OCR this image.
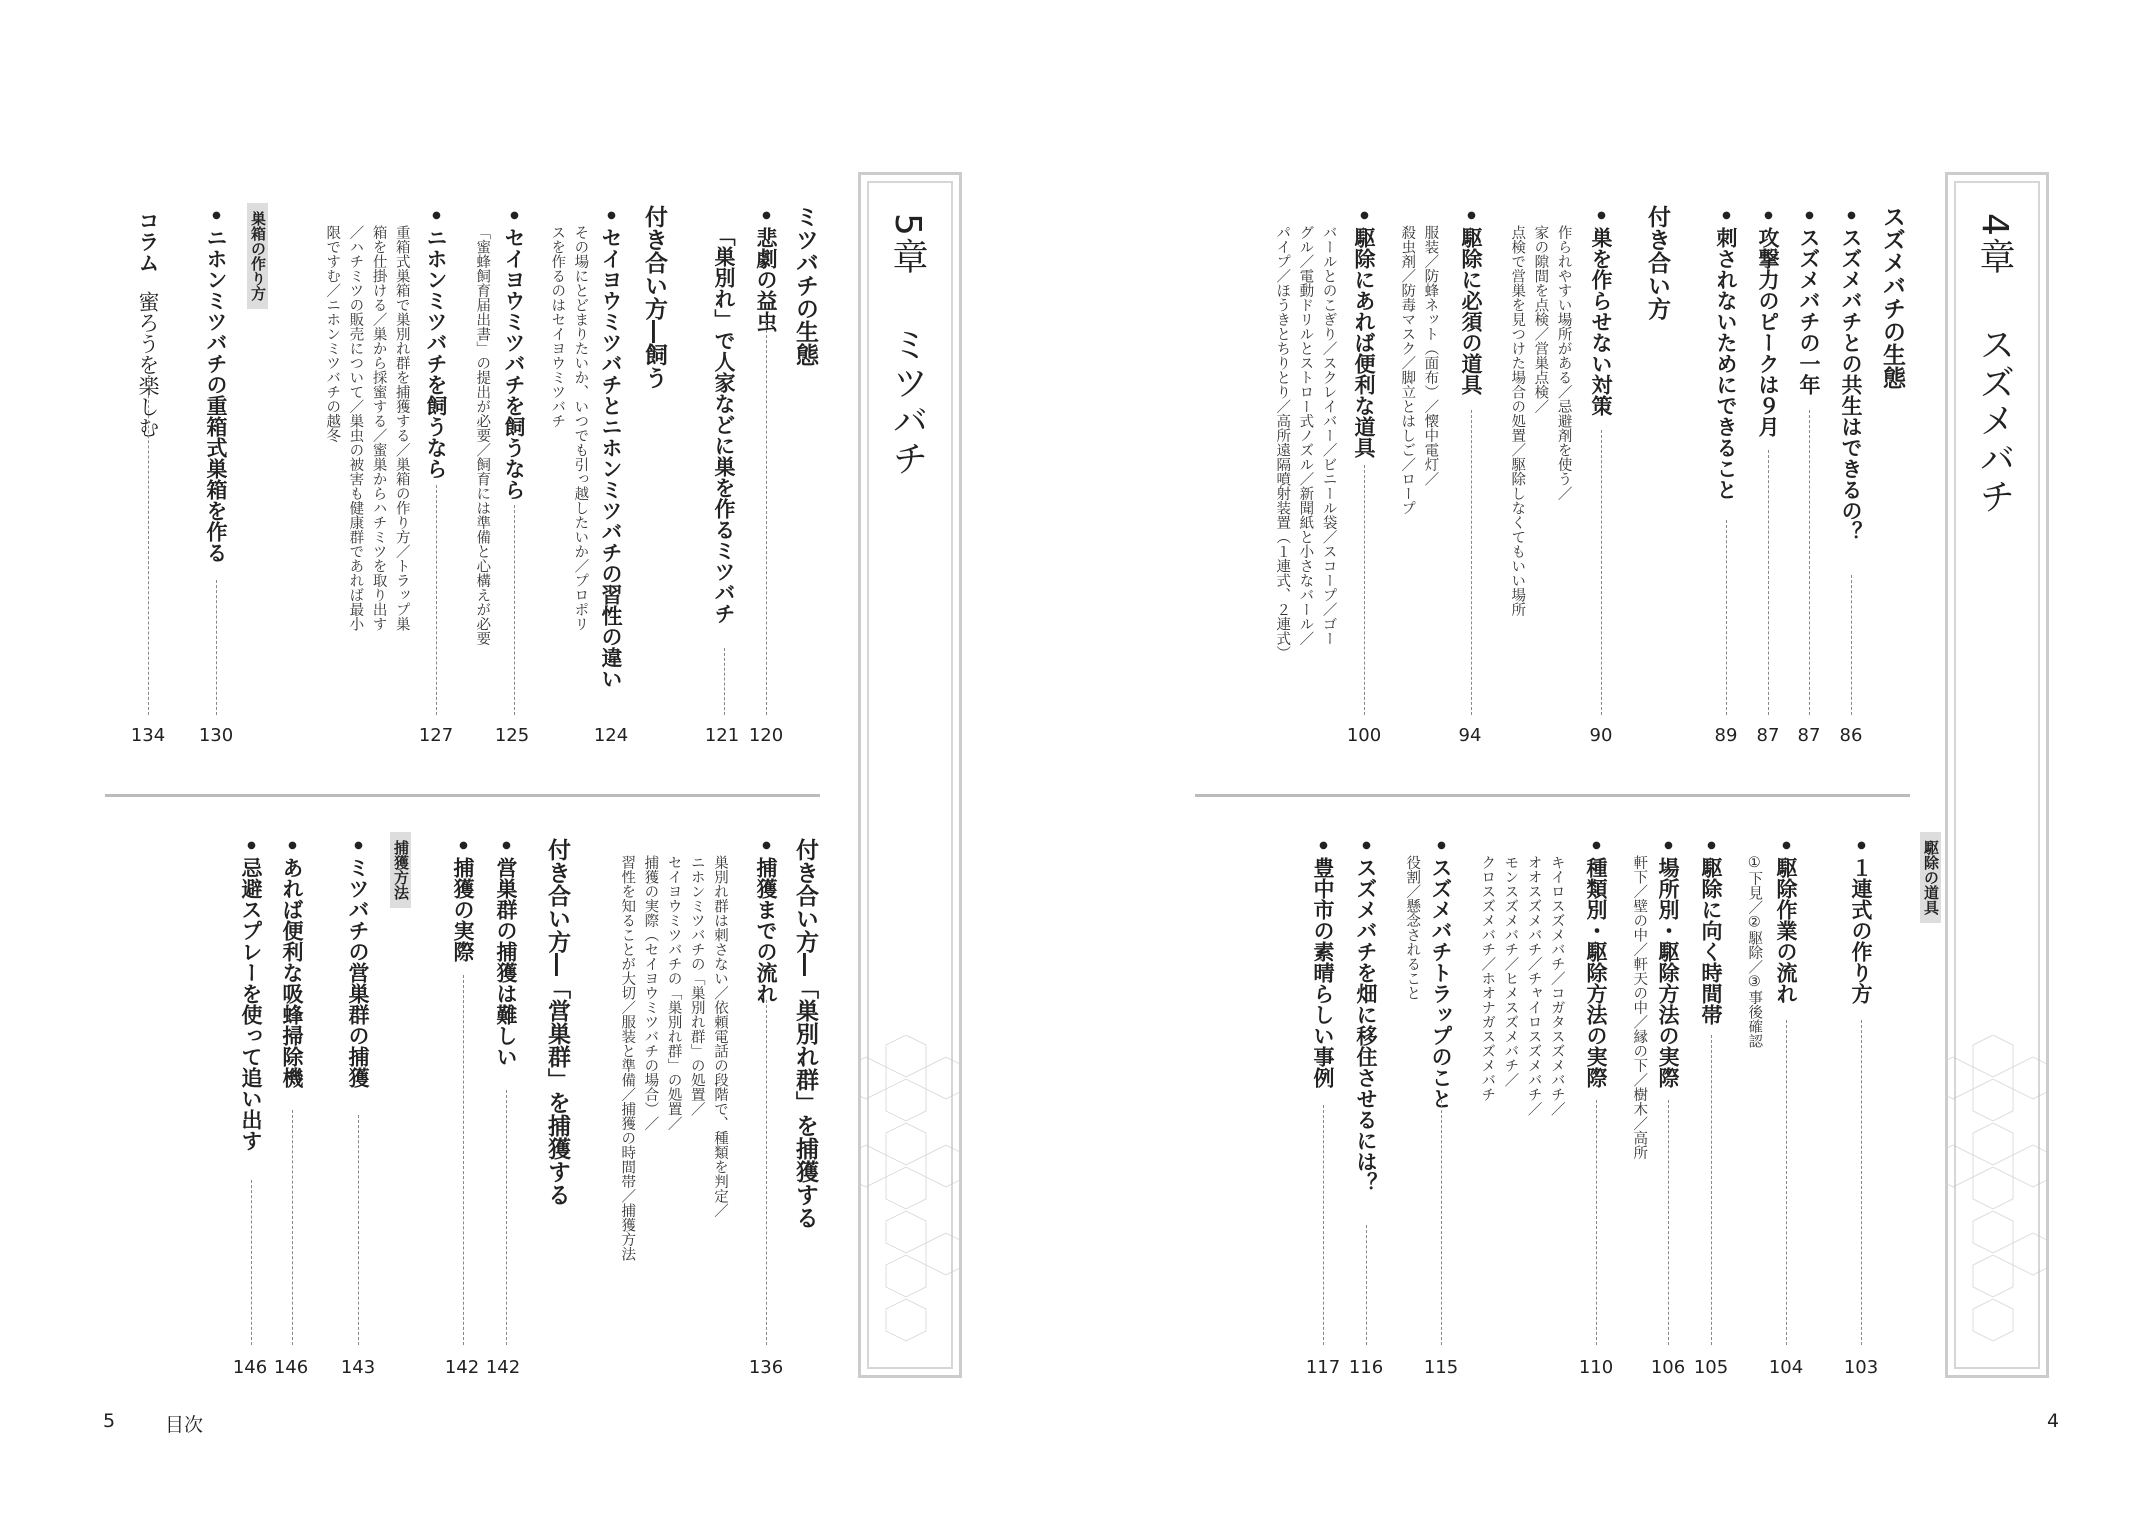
5章ミツバチ
ミツバチの生態
● 悲劇の益虫
120
「巣別れ」で人家などに巣を作るミツバチ
121
付き合い方―飼う
● セイヨウミツバチとニホンミツバチの習性の違い
124
その場にとどまりたいか、いつでも引っ越したいか／プロポリ
スを作るのはセイヨウミツバチ
● セイヨウミツバチを飼うなら
125
「蜜蜂飼育届出書」の提出が必要／飼育には準備と心構えが必要
● ニホンミツバチを飼うなら
127
重箱式巣箱で巣別れ群を捕獲する／巣箱の作り方／トラップ巣
箱を仕掛ける／巣から採蜜する／蜜巣からハチミツを取り出す
／ハチミツの販売について／巣虫の被害も健康群であれば最小
限ですむ／ニホンミツバチの越冬
巣箱の作り方
● ニホンミツバチの重箱式巣箱を作る
130
コラム蜜ろうを楽しむ
134
付き合い方―「巣別れ群」を捕獲する
● 捕獲までの流れ
136
巣別れ群は刺さない／依頼電話の段階で、種類を判定／
ニホンミツバチの「巣別れ群」の処置／
セイヨウミツバチの「巣別れ群」の処置／
捕獲の実際（セイヨウミツバチの場合）／
習性を知ることが大切／服装と準備／捕獲の時間帯／捕獲方法
付き合い方―「営巣群」を捕獲する
● 営巣群の捕獲は難しい
142
● 捕獲の実際
142
捕獲方法
● ミツバチの営巣群の捕獲
143
● あれば便利な吸蜂掃除機
146
● 忌避スプレーを使って追い出す
146
5	目次
4章スズメバチ
スズメバチの生態
● スズメバチとの共生はできるの？
86
● スズメバチの一年
87
● 攻撃力のピークは９月
87
● 刺されないためにできること
89
付き合い方
● 巣を作らせない対策
90
作られやすい場所がある／忌避剤を使う／
家の隙間を点検／営巣点検／
点検で営巣を見つけた場合の処置／駆除しなくてもいい場所
● 駆除に必須の道具
94
服装／防蜂ネット（面布）／懐中電灯／
殺虫剤／防毒マスク／脚立とはしご／ロープ
● 駆除にあれば便利な道具
100
バールとのこぎり／スクレイバー／ビニール袋／スコープ／ゴー
グル／電動ドリルとストロー式ノズル／新聞紙と小さなバール／
パイプ／ほうきとちりとり／高所遠隔噴射装置（１連式、２連式）
駆除の道具
● １連式の作り方
103
● 駆除作業の流れ
104
①下見／②駆除／③事後確認
● 駆除に向く時間帯
105
● 場所別・駆除方法の実際
106
軒下／壁の中／軒天の中／縁の下／樹木／高所
● 種類別・駆除方法の実際
110
キイロスズメバチ／コガタスズメバチ／
オオスズメバチ／チャイロスズメバチ／
モンスズメバチ／ヒメスズメバチ／
クロスズメバチ／ホオナガスズメバチ
● スズメバチトラップのこと
115
役割／懸念されること
● スズメバチを畑に移住させるには？
116
● 豊中市の素晴らしい事例
117
4
